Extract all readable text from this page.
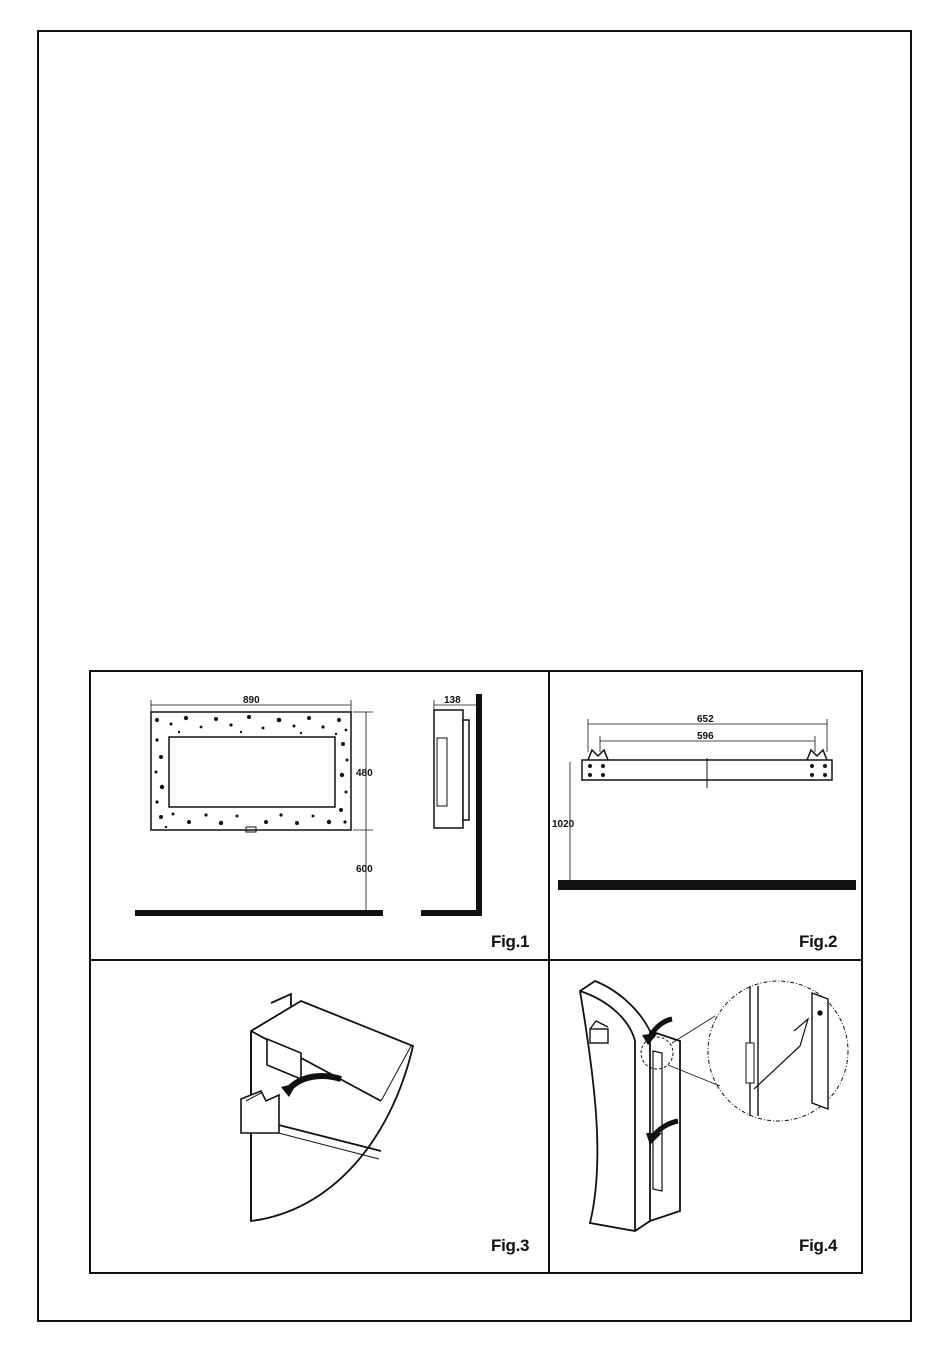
890
480
600
138
Fig.1
652
596
1020
Fig.2
Fig.3	Fig.4
